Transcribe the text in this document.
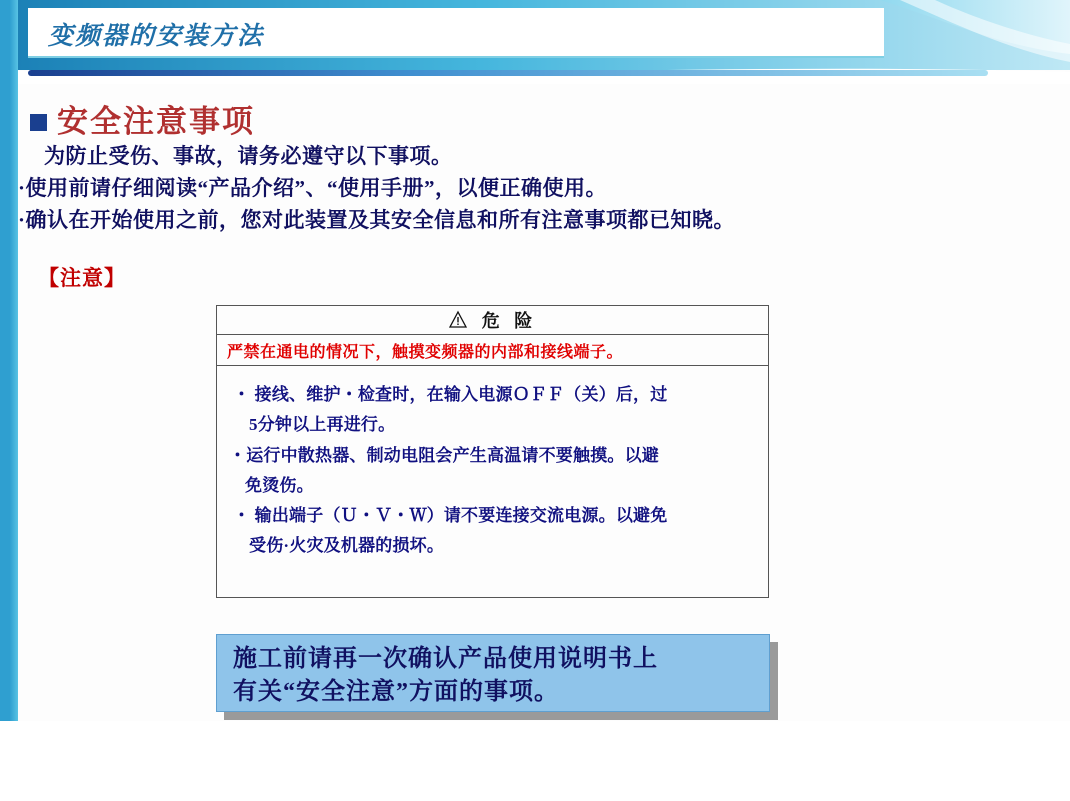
变频器的安装方法
安全注意事项
为防止受伤、事故，请务必遵守以下事项。
·使用前请仔细阅读“产品介绍”、“使用手册”，以便正确使用。
·确认在开始使用之前，您对此装置及其安全信息和所有注意事项都已知晓。
【注意】
危 险
严禁在通电的情况下，触摸变频器的内部和接线端子。
・ 接线、维护・检查时，在输入电源ＯＦＦ（关）后，过
5分钟以上再进行。
・运行中散热器、制动电阻会产生高温请不要触摸。以避
免烫伤。
・ 输出端子（Ｕ・Ｖ・Ｗ）请不要连接交流电源。以避免
受伤·火灾及机器的损坏。
施工前请再一次确认产品使用说明书上
有关“安全注意”方面的事项。
